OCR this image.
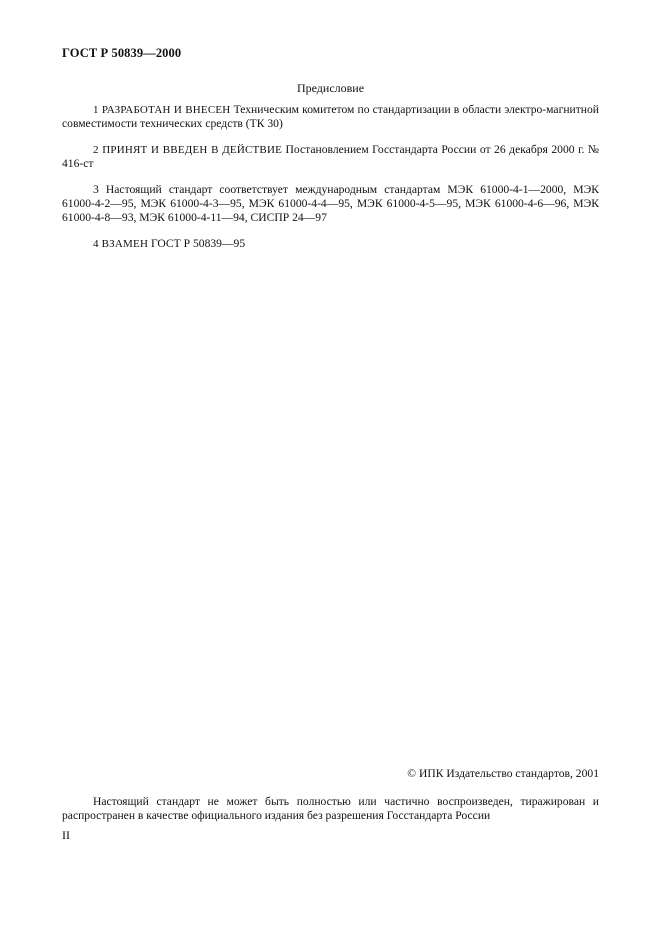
ГОСТ Р 50839—2000
Предисловие

1 РАЗРАБОТАН И ВНЕСЕН Техническим комитетом по стандартизации в области электро-магнитной совместимости технических средств (ТК 30)

2 ПРИНЯТ И ВВЕДЕН В ДЕЙСТВИЕ Постановлением Госстандарта России от 26 декабря 2000 г. № 416-ст

3 Настоящий стандарт соответствует международным стандартам МЭК 61000-4-1—2000, МЭК 61000-4-2—95, МЭК 61000-4-3—95, МЭК 61000-4-4—95, МЭК 61000-4-5—95, МЭК 61000-4-6—96, МЭК 61000-4-8—93, МЭК 61000-4-11—94, СИСПР 24—97

4 ВЗАМЕН ГОСТ Р 50839—95

© ИПК Издательство стандартов, 2001

Настоящий стандарт не может быть полностью или частично воспроизведен, тиражирован и распространен в качестве официального издания без разрешения Госстандарта России

II
